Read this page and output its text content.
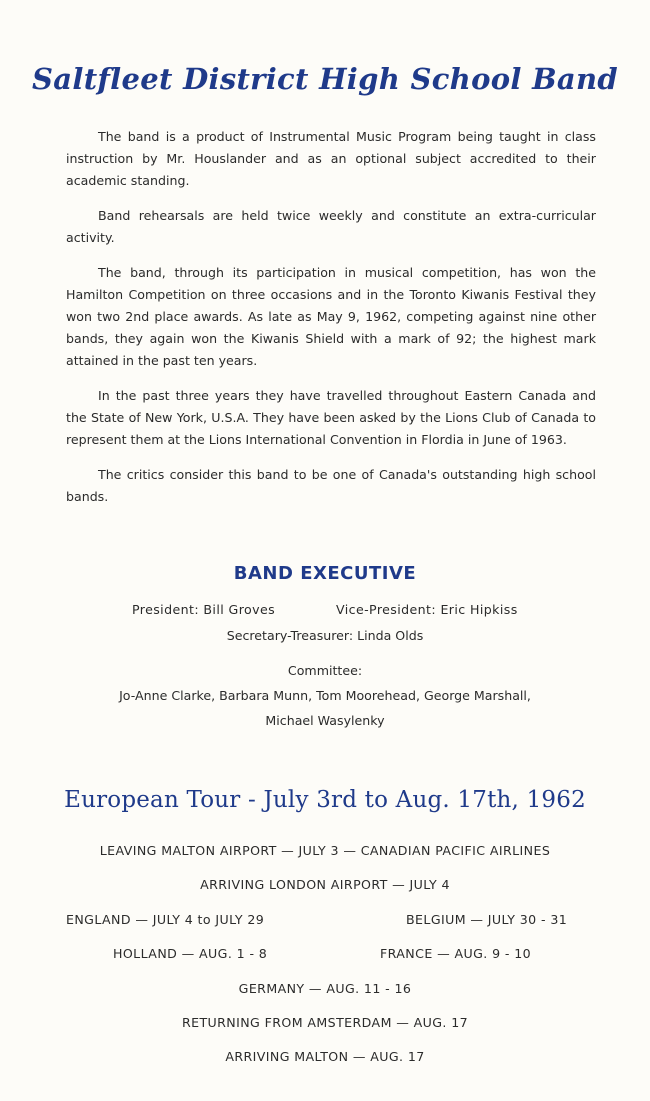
Saltfleet District High School Band

The band is a product of Instrumental Music Program being taught in class instruction by Mr. Houslander and as an optional subject accredited to their academic standing.

Band rehearsals are held twice weekly and constitute an extra-curricular activity.

The band, through its participation in musical competition, has won the Hamilton Competition on three occasions and in the Toronto Kiwanis Festival they won two 2nd place awards. As late as May 9, 1962, competing against nine other bands, they again won the Kiwanis Shield with a mark of 92; the highest mark attained in the past ten years.

In the past three years they have travelled throughout Eastern Canada and the State of New York, U.S.A. They have been asked by the Lions Club of Canada to represent them at the Lions International Convention in Flordia in June of 1963.

The critics consider this band to be one of Canada's outstanding high school bands.

BAND EXECUTIVE
President: Bill Groves	Vice-President: Eric Hipkiss
Secretary-Treasurer: Linda Olds
Committee:
Jo-Anne Clarke, Barbara Munn, Tom Moorehead, George Marshall,
Michael Wasylenky
European Tour - July 3rd to Aug. 17th, 1962
LEAVING MALTON AIRPORT — JULY 3 — CANADIAN PACIFIC AIRLINES
ARRIVING LONDON AIRPORT — JULY 4
ENGLAND — JULY 4 to JULY 29	BELGIUM — JULY 30 - 31
HOLLAND — AUG. 1 - 8	FRANCE — AUG. 9 - 10
GERMANY — AUG. 11 - 16
RETURNING FROM AMSTERDAM — AUG. 17
ARRIVING MALTON — AUG. 17
